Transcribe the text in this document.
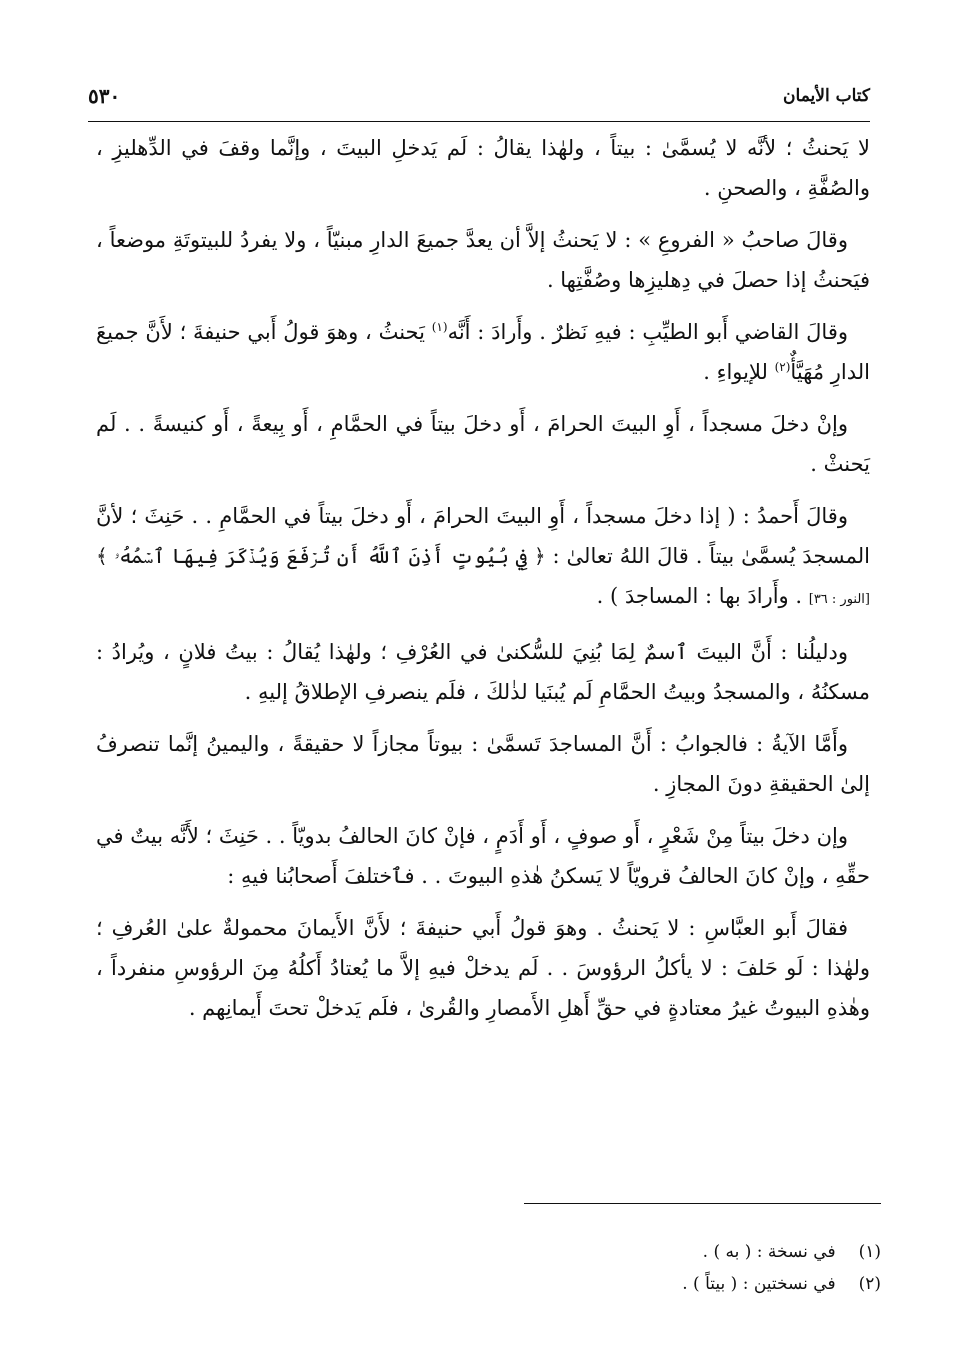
كتاب الأيمان
٥٣٠

لا يَحنثُ ؛ لأنَّه لا يُسمَّىٰ : بيتاً ، ولهٰذا يقالُ : لَم يَدخلِ البيتَ ، وإنَّما وقفَ في الدِّهليزِ ، والصُفَّةِ ، والصحنِ .

وقالَ صاحبُ « الفروعِ » : لا يَحنثُ إلاَّ أن يعدَّ جميعَ الدارِ مبنيّاً ، ولا يفردُ للبيتوتَةِ موضعاً ، فيَحنثُ إذا حصلَ في دِهليزِها وصُفَّتِها .

وقالَ القاضي أَبو الطيِّبِ : فيهِ نَظرٌ . وأَرادَ : أَنَّه$^{(١)}$ يَحنثُ ، وهوَ قولُ أَبي حنيفةَ ؛ لأَنَّ جميعَ الدارِ مُهَيَّأٌ$^{(٢)}$ للإيواءِ .

وإنْ دخلَ مسجداً ، أَوِ البيتَ الحرامَ ، أَو دخلَ بيتاً في الحمَّامِ ، أَو بِيعةً ، أَو كنيسةً . . لَم يَحنثْ .

وقالَ أَحمدُ : ( إذا دخلَ مسجداً ، أَوِ البيتَ الحرامَ ، أَو دخلَ بيتاً في الحمَّامِ . . حَنِثَ ؛ لأنَّ المسجدَ يُسمَّىٰ بيتاً . قالَ اللهُ تعالىٰ : ﴿ فِي بُيُوتٍ أَذِنَ ٱللَّهُ أَن تُرۡفَعَ وَيُذۡكَرَ فِيهَا ٱسۡمُهُۥ ﴾ [النور : ٣٦] . وأَرادَ بها : المساجدَ ) .

ودليلُنا : أَنَّ البيتَ ٱسمٌ لِمَا بُنِيَ للسُّكنىٰ في العُرْفِ ؛ ولهٰذا يُقالُ : بيتُ فلانٍ ، ويُرادُ : مسكنُهُ ، والمسجدُ وبيتُ الحمَّامِ لَم يُبنَيا لذٰلكَ ، فلَم ينصرفِ الإطلاقُ إليهِ .

وأَمَّا الآيةُ : فالجوابُ : أَنَّ المساجدَ تَسمَّىٰ : بيوتاً مجازاً لا حقيقةً ، واليمينُ إنَّما تنصرفُ إلىٰ الحقيقةِ دونَ المجازِ .

وإن دخلَ بيتاً مِنْ شَعْرٍ ، أَو صوفٍ ، أَو أَدَمٍ ، فإنْ كانَ الحالفُ بدويّاً . . حَنِثَ ؛ لأَنَّه بيتٌ في حقِّهِ ، وإنْ كانَ الحالفُ قرويّاً لا يَسكنُ هٰذهِ البيوتَ . . فٱختلفَ أَصحابُنا فيهِ :

فقالَ أَبو العبَّاسِ : لا يَحنثُ . وهوَ قولُ أَبي حنيفةَ ؛ لأَنَّ الأَيمانَ محمولةٌ علىٰ العُرفِ ؛ ولهٰذا : لَو حَلفَ : لا يأكلُ الرؤوسَ . . لَم يدخلْ فيهِ إلاَّ ما يُعتادُ أَكلُهُ مِنَ الرؤوسِ منفرداً ، وهٰذهِ البيوتُ غيرُ معتادةٍ في حقِّ أَهلِ الأَمصارِ والقُرىٰ ، فلَم يَدخلْ تحتَ أَيمانِهم .

(١) في نسخة : ( به ) .
(٢) في نسختين : ( بيتاً ) .
